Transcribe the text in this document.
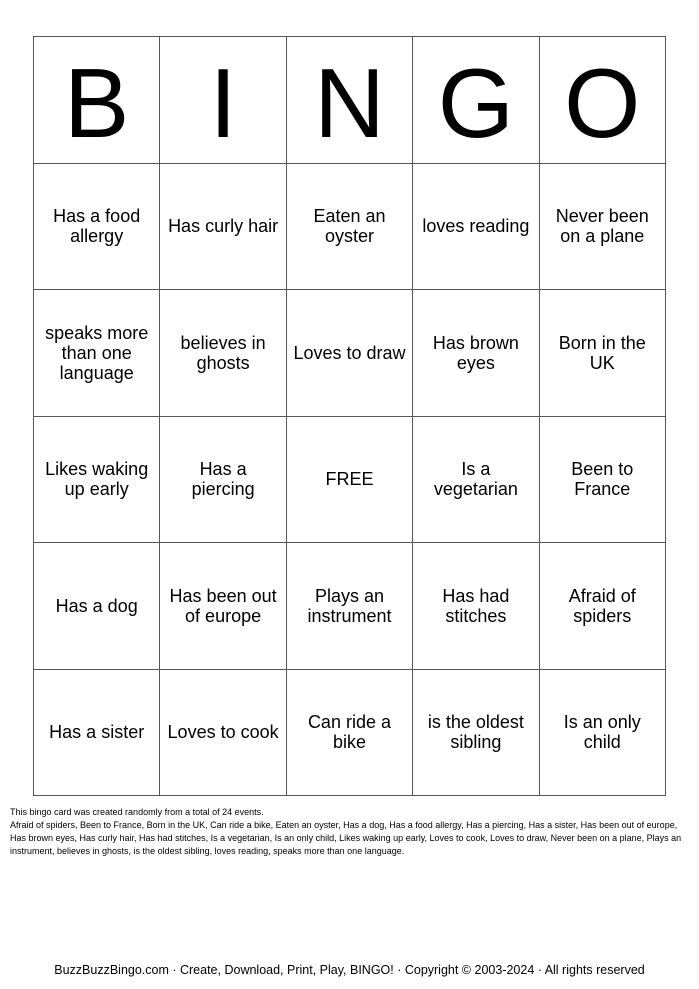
B	I	N	G	O

Has a food allergy	Has curly hair	Eaten an oyster	loves reading	Never been on a plane

speaks more than one language	believes in ghosts	Loves to draw	Has brown eyes	Born in the UK

Likes waking up early	Has a piercing	FREE	Is a vegetarian	Been to France

Has a dog	Has been out of europe	Plays an instrument	Has had stitches	Afraid of spiders

Has a sister	Loves to cook	Can ride a bike	is the oldest sibling	Is an only child

This bingo card was created randomly from a total of 24 events.

Afraid of spiders, Been to France, Born in the UK, Can ride a bike, Eaten an oyster, Has a dog, Has a food allergy, Has a piercing, Has a sister, Has been out of europe, Has brown eyes, Has curly hair, Has had stitches, Is a vegetarian, Is an only child, Likes waking up early, Loves to cook, Loves to draw, Never been on a plane, Plays an instrument, believes in ghosts, is the oldest sibling, loves reading, speaks more than one language.

BuzzBuzzBingo.com · Create, Download, Print, Play, BINGO! · Copyright © 2003-2024 · All rights reserved
